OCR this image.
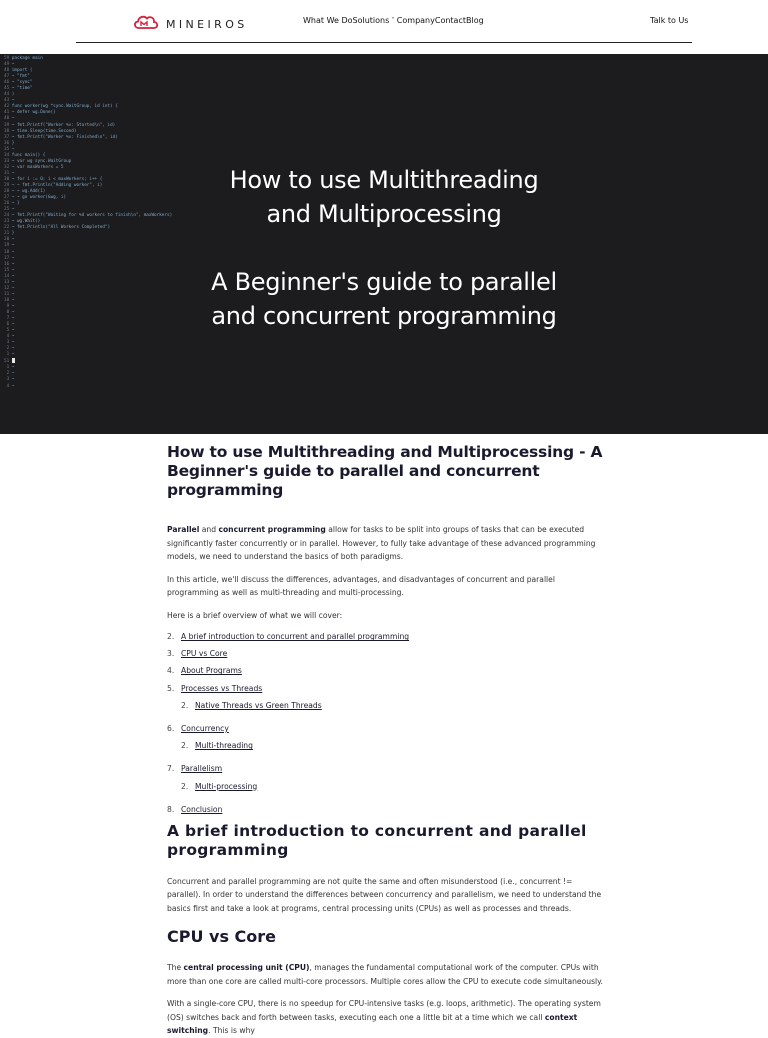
MINEIROS	What We Do Solutions ˇ Company Contact Blog	Talk to Us
59 package main
49 ~
48 import (
47 ~ "fmt"
46 ~ "sync"
45 ~ "time"
44 )
43 ~
42 func worker(wg *sync.WaitGroup, id int) {
41 ~ defer wg.Done()
40 ~
39 ~ fmt.Printf("Worker %v: Started\n", id)
38 ~ time.Sleep(time.Second)
37 ~ fmt.Printf("Worker %v: Finished\n", id)
36 }
35 ~
34 func main() {
33 ~ var wg sync.WaitGroup
32 ~ var maxWorkers = 5
31 ~
30 ~ for i := 0; i < maxWorkers; i++ {
29 ~ ~ fmt.Println("Adding worker", i)
28 ~ ~ wg.Add(1)
27 ~ ~ go worker(&wg, i)
26 ~ }
25 ~
24 ~ fmt.Printf("Waiting for %d workers to finish\n", maxWorkers)
23 ~ wg.Wait()
22 ~ fmt.Println("All Workers Completed")
21 }
20 ~
19 ~
18 ~
17 ~
16 ~
15 ~
14 ~
13 ~
12 ~
11 ~
10 ~
9 ~
8 ~
7 ~
6 ~
5 ~
4 ~
3 ~
2 ~
1 ~
51
1 ~
2 ~
3 ~
4 ~
How to use Multithreading
and Multiprocessing
A Beginner's guide to parallel
and concurrent programming
How to use Multithreading and Multiprocessing - A Beginner's guide to parallel and concurrent programming

Parallel and concurrent programming allow for tasks to be split into groups of tasks that can be executed significantly faster concurrently or in parallel. However, to fully take advantage of these advanced programming models, we need to understand the basics of both paradigms.

In this article, we'll discuss the differences, advantages, and disadvantages of concurrent and parallel programming as well as multi-threading and multi-processing.

Here is a brief overview of what we will cover:

2. A brief introduction to concurrent and parallel programming
3. CPU vs Core
4. About Programs
5. Processes vs Threads
2. Native Threads vs Green Threads
6. Concurrency
2. Multi-threading
7. Parallelism
2. Multi-processing
8. Conclusion
A brief introduction to concurrent and parallel programming

Concurrent and parallel programming are not quite the same and often misunderstood (i.e., concurrent != parallel). In order to understand the differences between concurrency and parallelism, we need to understand the basics first and take a look at programs, central processing units (CPUs) as well as processes and threads.

CPU vs Core

The central processing unit (CPU), manages the fundamental computational work of the computer. CPUs with more than one core are called multi-core processors. Multiple cores allow the CPU to execute code simultaneously.

With a single-core CPU, there is no speedup for CPU-intensive tasks (e.g. loops, arithmetic). The operating system (OS) switches back and forth between tasks, executing each one a little bit at a time which we call context switching. This is why
